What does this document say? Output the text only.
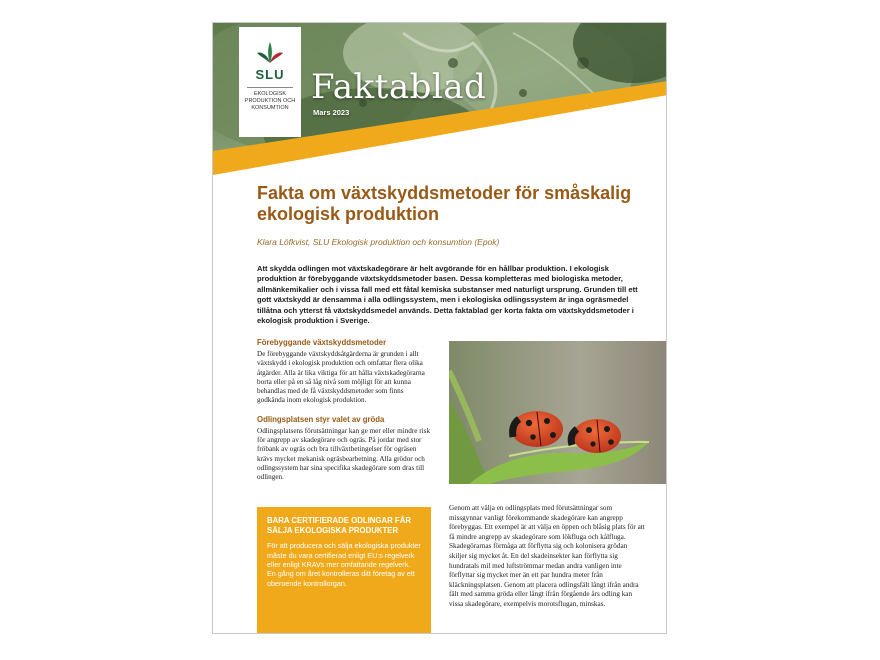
SLU
EKOLOGISK PRODUKTION OCH KONSUMTION
Faktablad
Mars 2023
Fakta om växtskyddsmetoder för småskalig ekologisk produktion
Klara Löfkvist, SLU Ekologisk produktion och konsumtion (Epok)
Att skydda odlingen mot växtskadegörare är helt avgörande för en hållbar produktion. I ekologisk produktion är förebyggande växtskyddsmetoder basen. Dessa kompletteras med biologiska metoder, allmänkemikalier och i vissa fall med ett fåtal kemiska substanser med naturligt ursprung. Grunden till ett gott växtskydd är densamma i alla odlingssystem, men i ekologiska odlingssystem är inga ogräsmedel tillåtna och ytterst få växtskyddsmedel används. Detta faktablad ger korta fakta om växtskyddsmetoder i ekologisk produktion i Sverige.
Förebyggande växtskyddsmetoder
De förebyggande växtskyddsåtgärderna är grunden i allt växtskydd i ekologisk produktion och omfattar flera olika åtgärder. Alla är lika viktiga för att hålla växtskadegörarna borta eller på en så låg nivå som möjligt för att kunna behandlas med de få växtskyddsmetoder som finns godkända inom ekologisk produktion.
Odlingsplatsen styr valet av gröda
Odlingsplatsens förutsättningar kan ge mer eller mindre risk för angrepp av skadegörare och ogräs. På jordar med stor fröbank av ogräs och bra tillväxtbetingelser för ogräsen krävs mycket mekanisk ogräsbearbetning. Alla grödor och odlingssystem har sina specifika skadegörare som dras till odlingen.
BARA CERTIFIERADE ODLINGAR FÅR SÄLJA EKOLOGISKA PRODUKTER
För att producera och sälja ekologiska produkter måste du vara certifierad enligt EU:s regelverk eller enligt KRAVs mer omfattande regelverk. En gång om året kontrolleras ditt företag av ett oberoende kontrollorgan.
Genom att välja en odlingsplats med förutsättningar som missgynnar vanligt förekommande skadegörare kan angrepp förebyggas. Ett exempel är att välja en öppen och blåsig plats för att få mindre angrepp av skadegörare som lökfluga och kålfluga. Skadegörarnas förmåga att förflytta sig och kolonisera grödan skiljer sig mycket åt. En del skadeinsekter kan förflytta sig hundratals mil med luftströmmar medan andra vanligen inte förflyttar sig mycket mer än ett par hundra meter från kläckningsplatsen. Genom att placera odlingsfält långt ifrån andra fält med samma gröda eller långt ifrån förgående års odling kan vissa skadegörare, exempelvis morotsflugan, minskas.
